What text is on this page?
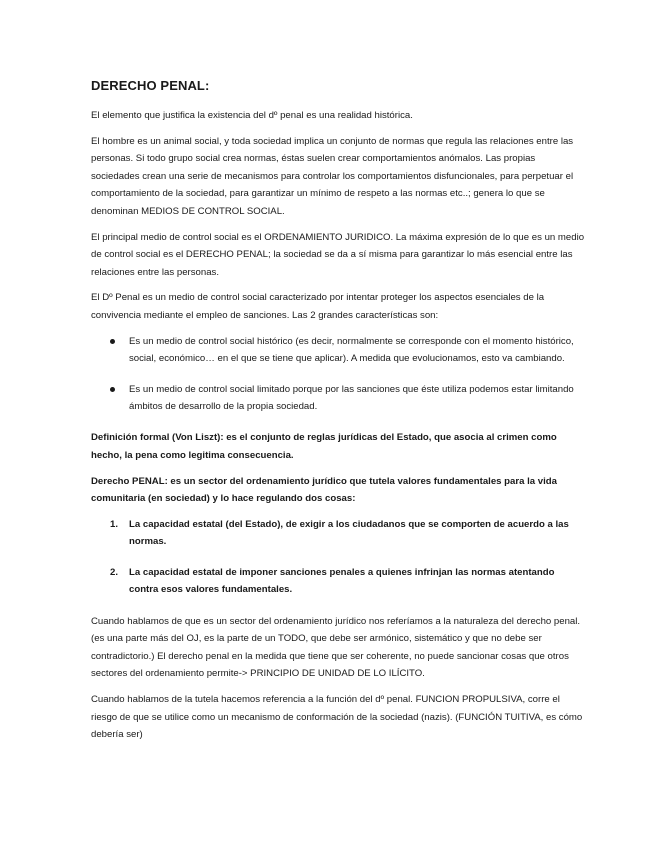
DERECHO PENAL:

El elemento que justifica la existencia del dº penal es una realidad histórica.

El hombre es un animal social, y toda sociedad implica un conjunto de normas que regula las relaciones entre las personas. Si todo grupo social crea normas, éstas suelen crear comportamientos anómalos. Las propias sociedades crean una serie de mecanismos para controlar los comportamientos disfuncionales, para perpetuar el comportamiento de la sociedad, para garantizar un mínimo de respeto a las normas etc..; genera lo que se denominan MEDIOS DE CONTROL SOCIAL.

El principal medio de control social es el ORDENAMIENTO JURIDICO. La máxima expresión de lo que es un medio de control social es el DERECHO PENAL; la sociedad se da a sí misma para garantizar lo más esencial entre las relaciones entre las personas.

El Dº Penal es un medio de control social caracterizado por intentar proteger los aspectos esenciales de la convivencia mediante el empleo de sanciones. Las 2 grandes características son:

Es un medio de control social histórico (es decir, normalmente se corresponde con el momento histórico, social, económico… en el que se tiene que aplicar). A medida que evolucionamos, esto va cambiando.
Es un medio de control social limitado porque por las sanciones que éste utiliza podemos estar limitando ámbitos de desarrollo de la propia sociedad.

Definición formal (Von Liszt): es el conjunto de reglas jurídicas del Estado, que asocia al crimen como hecho, la pena como legitima consecuencia.

Derecho PENAL: es un sector del ordenamiento jurídico que tutela valores fundamentales para la vida comunitaria (en sociedad) y lo hace regulando dos cosas:

1. La capacidad estatal (del Estado), de exigir a los ciudadanos que se comporten de acuerdo a las normas.
2. La capacidad estatal de imponer sanciones penales a quienes infrinjan las normas atentando contra esos valores fundamentales.

Cuando hablamos de que es un sector del ordenamiento jurídico nos referíamos a la naturaleza del derecho penal. (es una parte más del OJ, es la parte de un TODO, que debe ser armónico, sistemático y que no debe ser contradictorio.) El derecho penal en la medida que tiene que ser coherente, no puede sancionar cosas que otros sectores del ordenamiento permite-> PRINCIPIO DE UNIDAD DE LO ILÍCITO.

Cuando hablamos de la tutela hacemos referencia a la función del dº penal. FUNCION PROPULSIVA, corre el riesgo de que se utilice como un mecanismo de conformación de la sociedad (nazis). (FUNCIÓN TUITIVA, es cómo debería ser)
